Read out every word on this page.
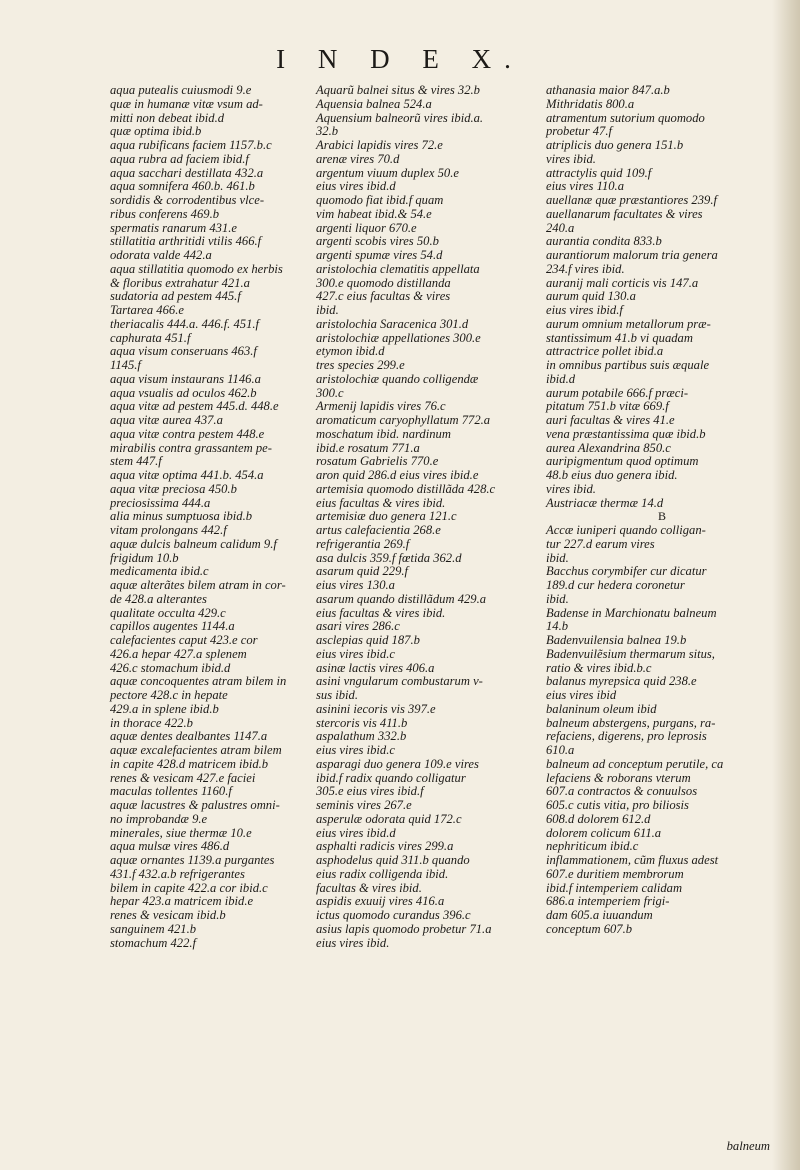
I N D E X.
aqua putealis cuiusmodi 9.e
quæ in humanæ vitæ vsum ad-
mitti non debeat ibid.d
quæ optima ibid.b
aqua rubificans faciem 1157.b.c
aqua rubra ad faciem ibid.f
aqua sacchari destillata 432.a
aqua somnifera 460.b. 461.b
sordidis & corrodentibus vlce-
ribus conferens 469.b
spermatis ranarum 431.e
stillatitia arthritidi vtilis 466.f
odorata valde 442.a
aqua stillatitia quomodo ex herbis
& floribus extrahatur 421.a
sudatoria ad pestem 445.f
Tartarea 466.e
theriacalis 444.a. 446.f. 451.f
caphurata 451.f
aqua visum conseruans 463.f
1145.f
aqua visum instaurans 1146.a
aqua vsualis ad oculos 462.b
aqua vitæ ad pestem 445.d. 448.e
aqua vitæ aurea 437.a
aqua vitæ contra pestem 448.e
mirabilis contra grassantem pe-
stem 447.f
aqua vitæ optima 441.b. 454.a
aqua vitæ preciosa 450.b
preciosissima 444.a
alia minus sumptuosa ibid.b
vitam prolongans 442.f
aquæ dulcis balneum calidum 9.f
frigidum 10.b
medicamenta ibid.c
aquæ alterãtes bilem atram in cor-
de 428.a alterantes
qualitate occulta 429.c
capillos augentes 1144.a
calefacientes caput 423.e cor
426.a hepar 427.a splenem
426.c stomachum ibid.d
aquæ concoquentes atram bilem in
pectore 428.c in hepate
429.a in splene ibid.b
in thorace 422.b
aquæ dentes dealbantes 1147.a
aquæ excalefacientes atram bilem
in capite 428.d matricem ibid.b
renes & vesicam 427.e faciei
maculas tollentes 1160.f
aquæ lacustres & palustres omni-
no improbandæ 9.e
minerales, siue thermæ 10.e
aqua mulsæ vires 486.d
aquæ ornantes 1139.a purgantes
431.f 432.a.b refrigerantes
bilem in capite 422.a cor ibid.c
hepar 423.a matricem ibid.e
renes & vesicam ibid.b
sanguinem 421.b
stomachum 422.f
Aquarũ balnei situs & vires 32.b
Aquensia balnea 524.a
Aquensium balneorũ vires ibid.a.
32.b
Arabici lapidis vires 72.e
arenæ vires 70.d
argentum viuum duplex 50.e
eius vires ibid.d
quomodo fiat ibid.f quam
vim habeat ibid.& 54.e
argenti liquor 670.e
argenti scobis vires 50.b
argenti spumæ vires 54.d
aristolochia clematitis appellata
300.e quomodo distillanda
427.c eius facultas & vires
ibid.
aristolochia Saracenica 301.d
aristolochiæ appellationes 300.e
etymon ibid.d
tres species 299.e
aristolochiæ quando colligendæ
300.c
Armenij lapidis vires 76.c
aromaticum caryophyllatum 772.a
moschatum ibid. nardinum
ibid.e rosatum 771.a
rosatum Gabrielis 770.e
aron quid 286.d eius vires ibid.e
artemisia quomodo distillãda 428.c
eius facultas & vires ibid.
artemisiæ duo genera 121.c
artus calefacientia 268.e
refrigerantia 269.f
asa dulcis 359.f fœtida 362.d
asarum quid 229.f
eius vires 130.a
asarum quando distillãdum 429.a
eius facultas & vires ibid.
asari vires 286.c
asclepias quid 187.b
eius vires ibid.c
asinæ lactis vires 406.a
asini vngularum combustarum v-
sus ibid.
asinini iecoris vis 397.e
stercoris vis 411.b
aspalathum 332.b
eius vires ibid.c
asparagi duo genera 109.e vires
ibid.f radix quando colligatur
305.e eius vires ibid.f
seminis vires 267.e
asperulæ odorata quid 172.c
eius vires ibid.d
asphalti radicis vires 299.a
asphodelus quid 311.b quando
eius radix colligenda ibid.
facultas & vires ibid.
aspidis exuuij vires 416.a
ictus quomodo curandus 396.c
asius lapis quomodo probetur 71.a
eius vires ibid.
athanasia maior 847.a.b
Mithridatis 800.a
atramentum sutorium quomodo
probetur 47.f
atriplicis duo genera 151.b
vires ibid.
attractylis quid 109.f
eius vires 110.a
auellanæ quæ præstantiores 239.f
auellanarum facultates & vires
240.a
aurantia condita 833.b
aurantiorum malorum tria genera
234.f vires ibid.
auranij mali corticis vis 147.a
aurum quid 130.a
eius vires ibid.f
aurum omnium metallorum præ-
stantissimum 41.b vi quadam
attractrice pollet ibid.a
in omnibus partibus suis æquale
ibid.d
aurum potabile 666.f præci-
pitatum 751.b vitæ 669.f
auri facultas & vires 41.e
vena præstantissima quæ ibid.b
aurea Alexandrina 850.c
auripigmentum quod optimum
48.b eius duo genera ibid.
vires ibid.
Austriacæ thermæ 14.d
B
Accæ iuniperi quando colligan-
tur 227.d earum vires
ibid.
Bacchus corymbifer cur dicatur
189.d cur hedera coronetur
ibid.
Badense in Marchionatu balneum
14.b
Badenvuilensia balnea 19.b
Badenvuilẽsium thermarum situs,
ratio & vires ibid.b.c
balanus myrepsica quid 238.e
eius vires ibid
balaninum oleum ibid
balneum abstergens, purgans, ra-
refaciens, digerens, pro leprosis
610.a
balneum ad conceptum perutile, ca
lefaciens & roborans vterum
607.a contractos & conuulsos
605.c cutis vitia, pro biliosis
608.d dolorem 612.d
dolorem colicum 611.a
nephriticum ibid.c
inflammationem, cũm fluxus adest
607.e duritiem membrorum
ibid.f intemperiem calidam
686.a intemperiem frigi-
dam 605.a iuuandum
conceptum 607.b
balneum
